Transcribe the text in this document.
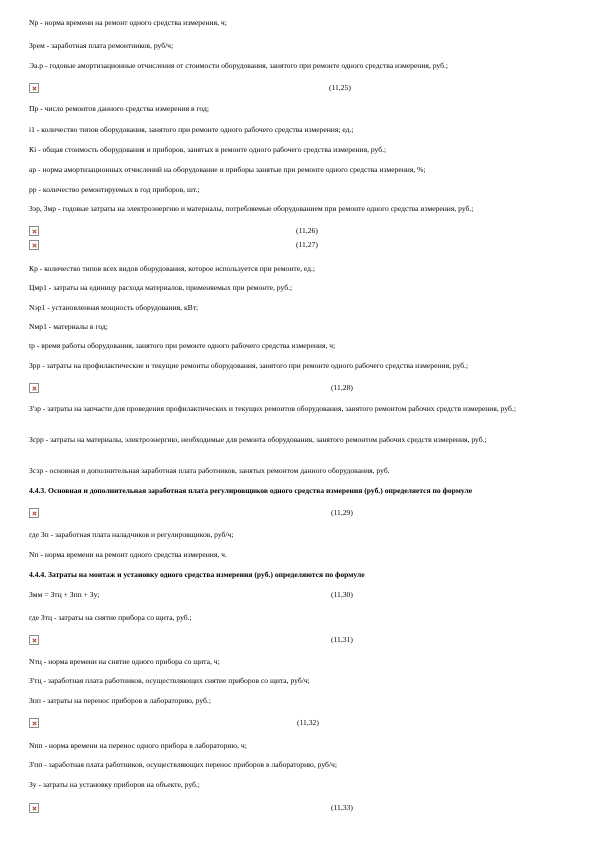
Nр - норма времени на ремонт одного средства измерения, ч;
Зрем - заработная плата ремонтников, руб/ч;
Эа.р - годовые амортизационные отчисления от стоимости оборудования, занятого при ремонте одного средства измерения, руб.;
(11,25)
Пр - число ремонтов данного средства измерения в год;
i1 - количество типов оборудования, занятого при ремонте одного рабочего средства измерения; ед.;
Кi - общая стоимость оборудования и приборов, занятых в ремонте одного рабочего средства измерения, руб.;
ар - норма амортизационных отчислений на оборудование и приборы занятые при ремонте одного средства измерения, %;
рр - количество ремонтируемых в год приборов, шт.;
Зэр, Змр - годовые затраты на электроэнергию и материалы, потребляемые оборудованием при ремонте одного средства измерения, руб.;
(11,26)
(11,27)
Кр - количество типов всех видов оборудования, которое используется при ремонте, ед.;
Цмр1 - затраты на единицу расхода материалов, применяемых при ремонте, руб.;
Nэр1 - установленная мощность оборудования, кВт;
Nмр1 - материалы в год;
tр - время работы оборудования, занятого при ремонте одного рабочего средства измерения, ч;
Зрр - затраты на профилактические и текущие ремонты оборудования, занятого при ремонте одного рабочего средства измерения, руб.;
(11,28)
З'зр - затраты на запчасти для проведения профилактических и текущих ремонтов оборудования, занятого ремонтом рабочих средств измерения, руб.;
Зсрр - затраты на материалы, электроэнергию, необходимые для ремонта оборудования, занятого ремонтом рабочих средств измерения, руб.;
Зсзр - основная и дополнительная заработная плата работников, занятых ремонтом данного оборудования, руб.
4.4.3. Основная и дополнительная заработная плата регулировщиков одного средства измерения (руб.) определяется по формуле
(11,29)
где Зп - заработная плата наладчиков и регулировщиков, руб/ч;
Nп - норма времени на ремонт одного средства измерения, ч.
4.4.4. Затраты на монтаж и установку одного средства измерения (руб.) определяются по формуле
Змм = Зтц + Зпп + Зу;	(11,30)
где Зтц - затраты на снятие прибора со щита, руб.;
(11,31)
Nтц - норма времени на снятие одного прибора со щита, ч;
З'тц - заработная плата работников, осуществляющих снятие приборов со щита, руб/ч;
Зпп - затраты на перенос приборов в лабораторию, руб.;
(11,32)
Nпп - норма времени на перенос одного прибора в лабораторию, ч;
З'пп - заработная плата работников, осуществляющих перенос приборов в лабораторию, руб/ч;
Зу - затраты на установку приборов на объекте, руб.;
(11,33)
